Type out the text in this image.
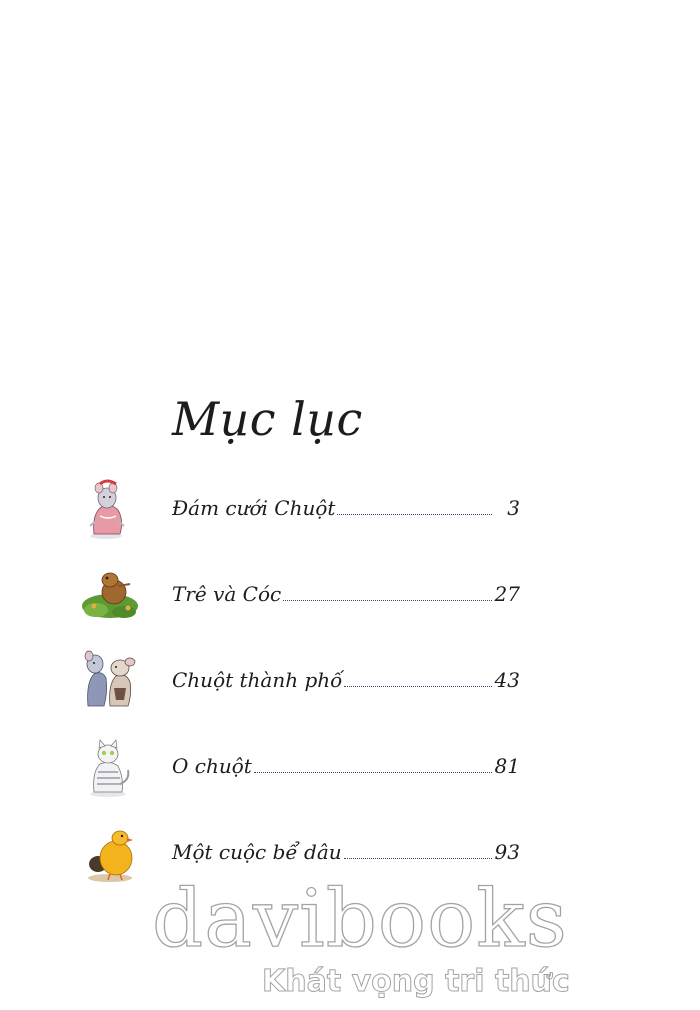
Mục lục
Đám cưới Chuột	3
Trê và Cóc	27
Chuột thành phố	43
O chuột	81
Một cuộc bể dâu	93
davibooks
Khát vọng tri thức
